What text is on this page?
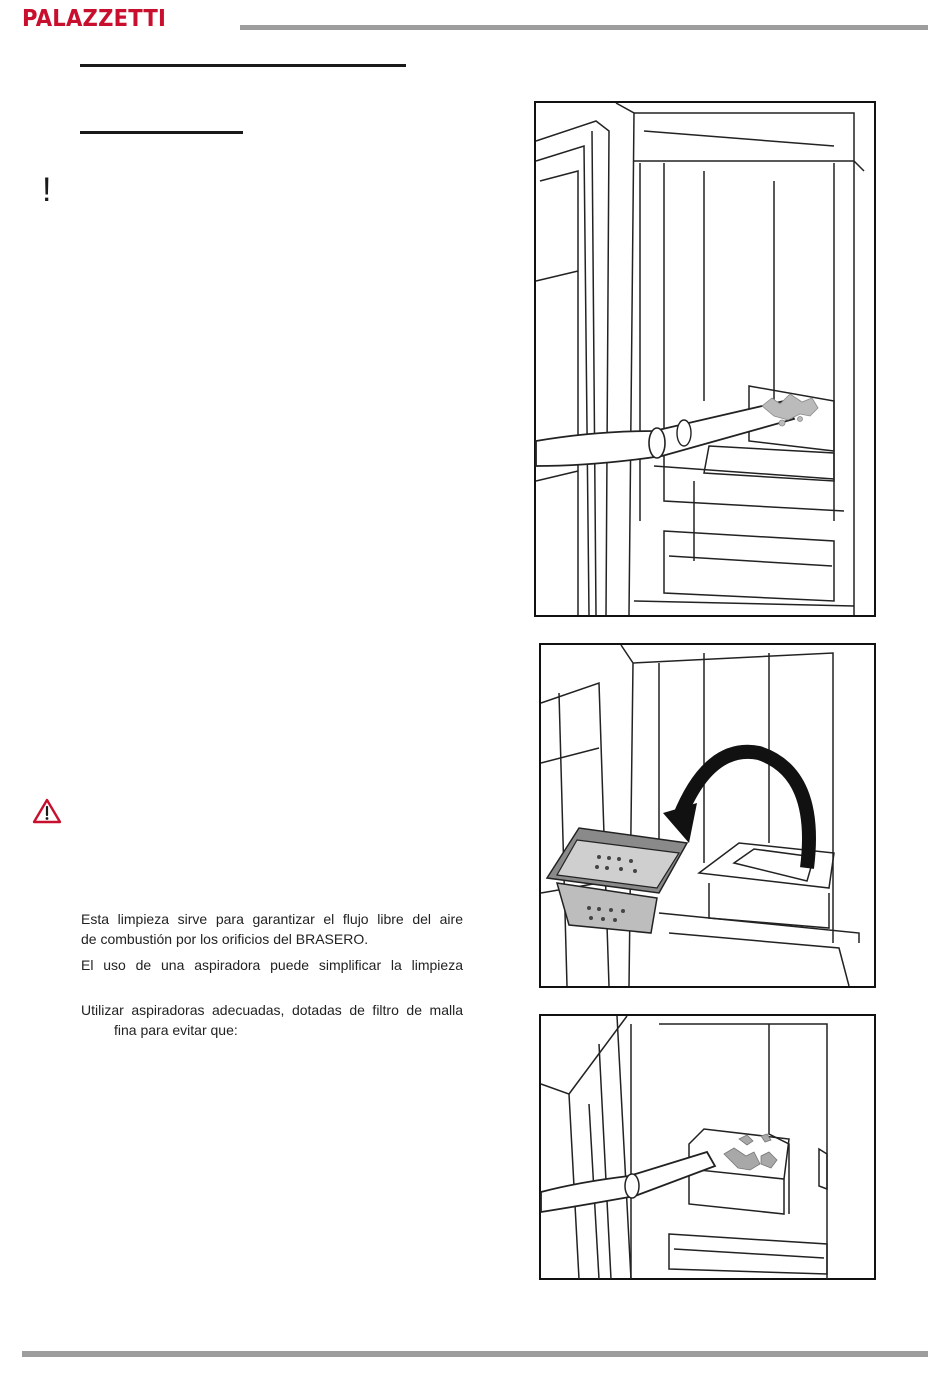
PALAZZETTI
!
Esta limpieza sirve para garantizar el flujo libre del aire
de combustión por los orificios del BRASERO.
El uso de una aspiradora puede simplificar la limpieza
Utilizar aspiradoras adecuadas, dotadas de filtro de malla
fina para evitar que:
